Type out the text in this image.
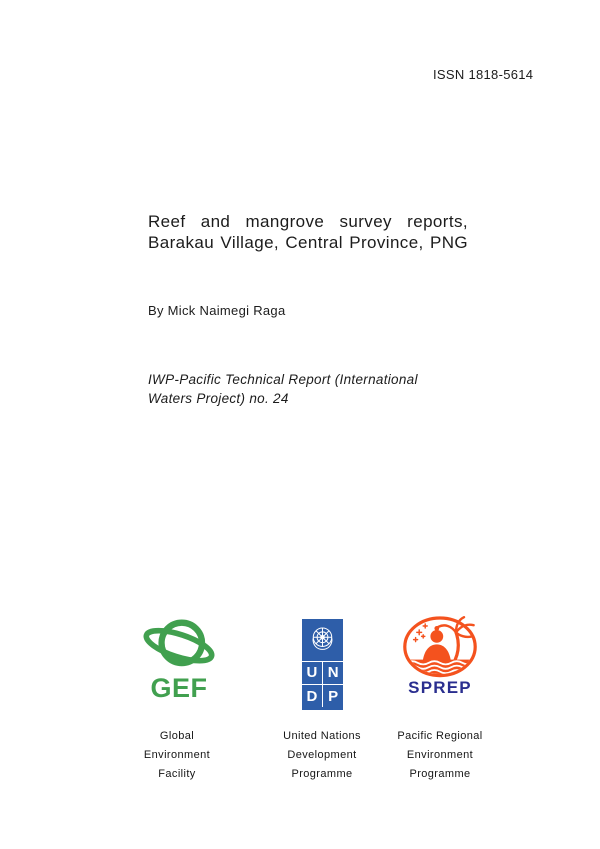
ISSN 1818-5614
Reef and mangrove survey reports,
Barakau Village, Central Province, PNG
By Mick Naimegi Raga
IWP-Pacific Technical Report (International
Waters Project) no. 24
GEF
U N
D P	SPREP
Global
Environment
Facility
United Nations
Development
Programme
Pacific Regional
Environment
Programme
